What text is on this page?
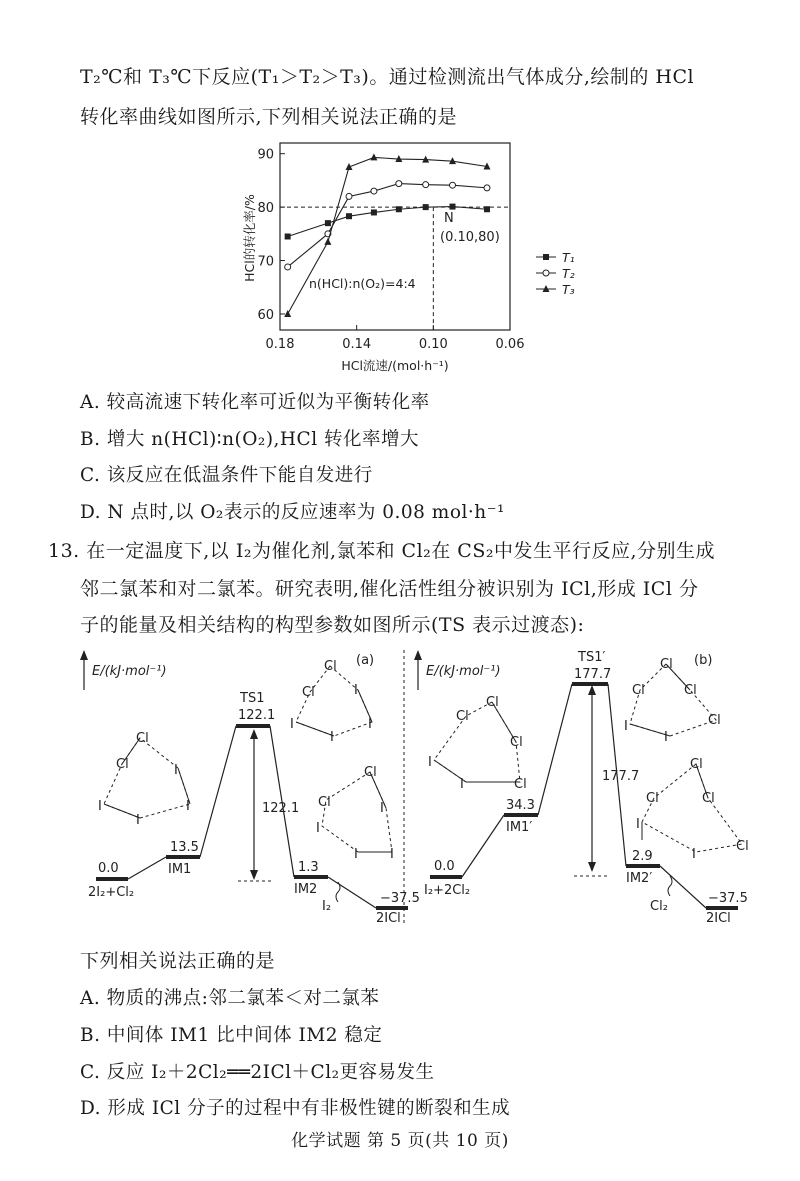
T₂℃和 T₃℃下反应(T₁＞T₂＞T₃)。通过检测流出气体成分,绘制的 HCl
转化率曲线如图所示,下列相关说法正确的是
HCl的转化率/%
HCl流速/(mol·h⁻¹)
n(HCl):n(O₂)=4:4
N
(0.10,80)
0.18	0.14	0.10	0.06
60
70
80
90
T₁
T₂
T₃
A. 较高流速下转化率可近似为平衡转化率
B. 增大 n(HCl)∶n(O₂),HCl 转化率增大
C. 该反应在低温条件下能自发进行
D. N 点时,以 O₂表示的反应速率为 0.08 mol·h⁻¹
13. 在一定温度下,以 I₂为催化剂,氯苯和 Cl₂在 CS₂中发生平行反应,分别生成
邻二氯苯和对二氯苯。研究表明,催化活性组分被识别为 ICl,形成 ICl 分
子的能量及相关结构的构型参数如图所示(TS 表示过渡态):
(a)
E/(kJ·mol⁻¹)
0.0
2I₂+Cl₂
13.5
IM1
TS1
122.1
1.3
IM2
−37.5
2ICl
122.1
I₂
Cl
Cl	I
I
I
I
Cl
Cl	I
I
I
I
Cl
Cl	I
I
I I
(b)
E/(kJ·mol⁻¹)
0.0
I₂+2Cl₂
34.3
IM1′
TS1′
177.7
2.9
IM2′
−37.5
2ICl
177.7
Cl₂
Cl
Cl
Cl
I
I	Cl
Cl
Cl	Cl
I
I
Cl
Cl
Cl	Cl
I
I
Cl
下列相关说法正确的是
A. 物质的沸点:邻二氯苯＜对二氯苯
B. 中间体 IM1 比中间体 IM2 稳定
C. 反应 I₂＋2Cl₂══2ICl＋Cl₂更容易发生
D. 形成 ICl 分子的过程中有非极性键的断裂和生成
化学试题 第 5 页(共 10 页)
